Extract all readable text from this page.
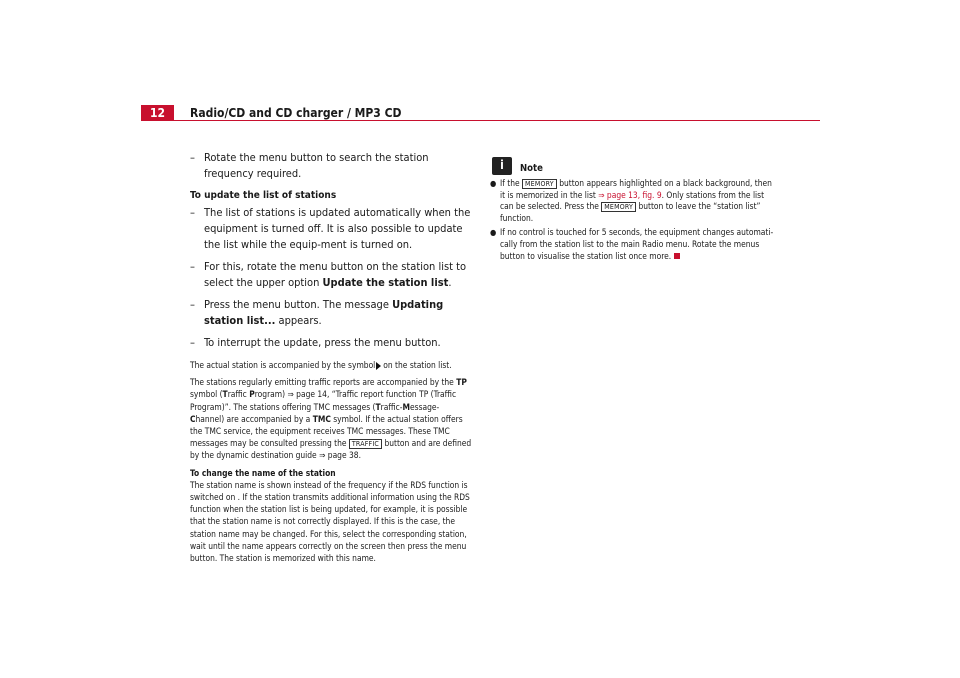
12	Radio/CD and CD charger / MP3 CD
– Rotate the menu button to search the station frequency required.
To update the list of stations
– The list of stations is updated automatically when the equipment is turned off. It is also possible to update the list while the equip-ment is turned on.
– For this, rotate the menu button on the station list to select the upper option Update the station list.
– Press the menu button. The message Updating station list... appears.
– To interrupt the update, press the menu button.

The actual station is accompanied by the symbol on the station list.

The stations regularly emitting traffic reports are accompanied by the TP symbol (Traffic Program) ⇒ page 14, “Traffic report function TP (Traffic Program)”. The stations offering TMC messages (Traffic-Message-Channel) are accompanied by a TMC symbol. If the actual station offers the TMC service, the equipment receives TMC messages. These TMC messages may be consulted pressing the TRAFFIC button and are defined by the dynamic destination guide ⇒ page 38.

To change the name of the station

The station name is shown instead of the frequency if the RDS function is switched on . If the station transmits additional information using the RDS function when the station list is being updated, for example, it is possible that the station name is not correctly displayed. If this is the case, the station name may be changed. For this, select the corresponding station, wait until the name appears correctly on the screen then press the menu button. The station is memorized with this name.

i	Note
● If the MEMORY button appears highlighted on a black background, then it is memorized in the list ⇒ page 13, fig. 9. Only stations from the list can be selected. Press the MEMORY button to leave the “station list” function.
● If no control is touched for 5 seconds, the equipment changes automati-cally from the station list to the main Radio menu. Rotate the menus button to visualise the station list once more.
